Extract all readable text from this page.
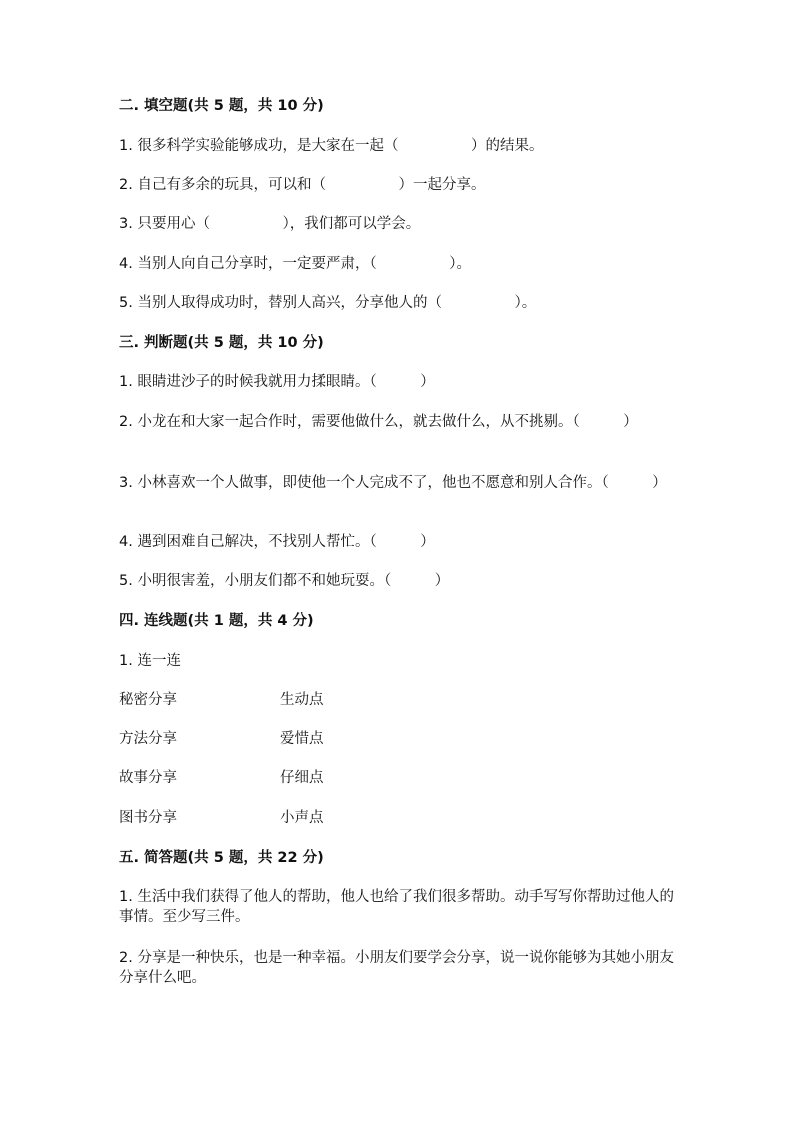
二. 填空题(共 5 题，共 10 分)
1. 很多科学实验能够成功，是大家在一起（　　　　　）的结果。
2. 自己有多余的玩具，可以和（　　　　　）一起分享。
3. 只要用心（　　　　　），我们都可以学会。
4. 当别人向自己分享时，一定要严肃，（　　　　　）。
5. 当别人取得成功时，替别人高兴，分享他人的（　　　　　）。
三. 判断题(共 5 题，共 10 分)
1. 眼睛进沙子的时候我就用力揉眼睛。（　　　）
2. 小龙在和大家一起合作时，需要他做什么，就去做什么，从不挑剔。（　　　）
3. 小林喜欢一个人做事，即使他一个人完成不了，他也不愿意和别人合作。（　　　）
4. 遇到困难自己解决，不找别人帮忙。（　　　）
5. 小明很害羞，小朋友们都不和她玩耍。（　　　）
四. 连线题(共 1 题，共 4 分)
1. 连一连
秘密分享	生动点
方法分享	爱惜点
故事分享	仔细点
图书分享	小声点
五. 简答题(共 5 题，共 22 分)
1. 生活中我们获得了他人的帮助，他人也给了我们很多帮助。动手写写你帮助过他人的事情。至少写三件。
2. 分享是一种快乐，也是一种幸福。小朋友们要学会分享，说一说你能够为其她小朋友分享什么吧。
